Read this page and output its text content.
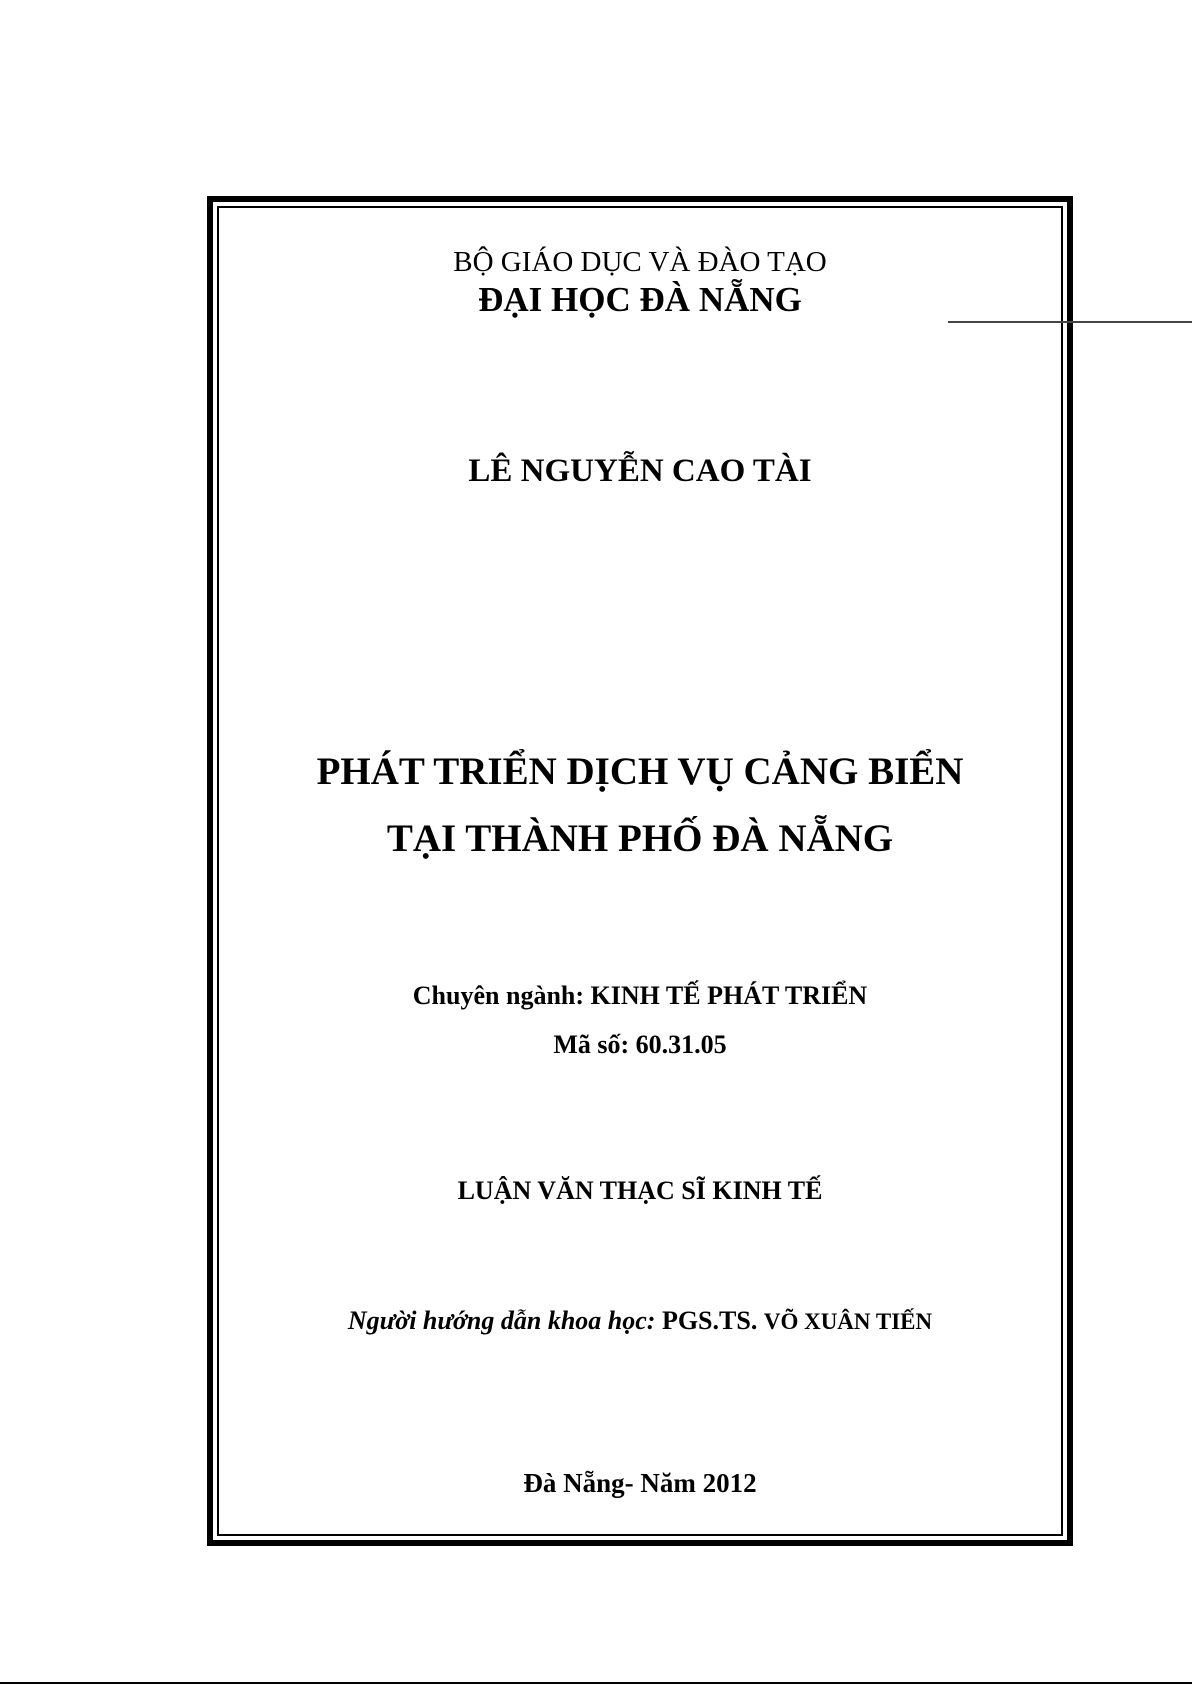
BỘ GIÁO DỤC VÀ ĐÀO TẠO
ĐẠI HỌC ĐÀ NẴNG
LÊ NGUYỄN CAO TÀI
PHÁT TRIỂN DỊCH VỤ CẢNG BIỂN
TẠI THÀNH PHỐ ĐÀ NẴNG
Chuyên ngành: KINH TẾ PHÁT TRIỂN
Mã số: 60.31.05
LUẬN VĂN THẠC SĨ KINH TẾ
Người hướng dẫn khoa học: PGS.TS. VÕ XUÂN TIẾN
Đà Nẵng- Năm 2012
